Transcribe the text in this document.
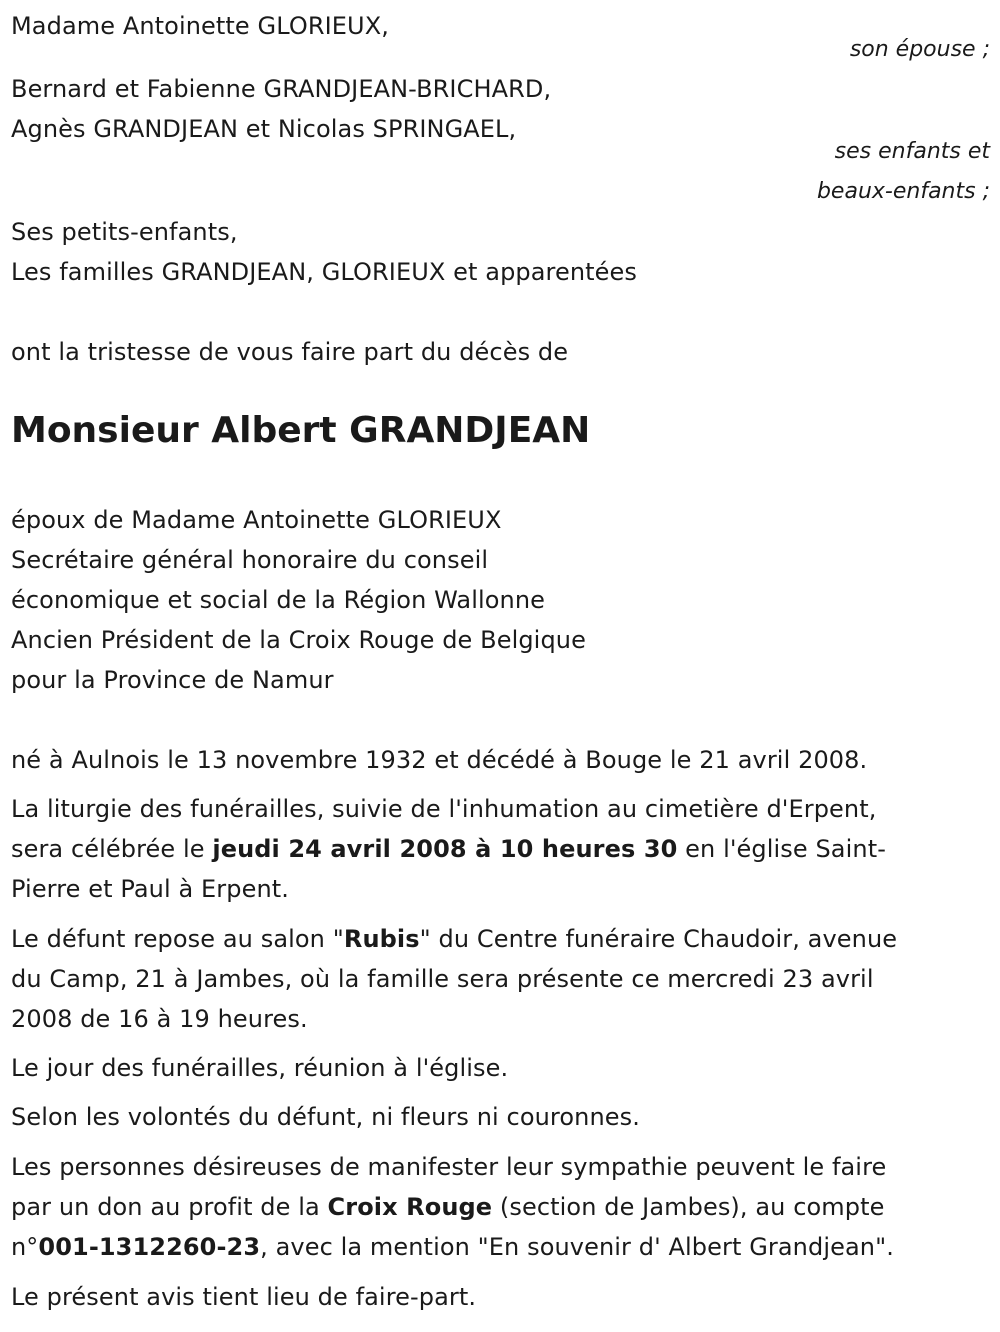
Madame Antoinette GLORIEUX,
son épouse ;
Bernard et Fabienne GRANDJEAN-BRICHARD,
Agnès GRANDJEAN et Nicolas SPRINGAEL,
ses enfants et
beaux-enfants ;
Ses petits-enfants,
Les familles GRANDJEAN, GLORIEUX et apparentées
ont la tristesse de vous faire part du décès de
Monsieur Albert GRANDJEAN
époux de Madame Antoinette GLORIEUX
Secrétaire général honoraire du conseil
économique et social de la Région Wallonne
Ancien Président de la Croix Rouge de Belgique
pour la Province de Namur
né à Aulnois le 13 novembre 1932 et décédé à Bouge le 21 avril 2008.
La liturgie des funérailles, suivie de l'inhumation au cimetière d'Erpent,
sera célébrée le jeudi 24 avril 2008 à 10 heures 30 en l'église Saint-
Pierre et Paul à Erpent.
Le défunt repose au salon "Rubis" du Centre funéraire Chaudoir, avenue
du Camp, 21 à Jambes, où la famille sera présente ce mercredi 23 avril
2008 de 16 à 19 heures.
Le jour des funérailles, réunion à l'église.
Selon les volontés du défunt, ni fleurs ni couronnes.
Les personnes désireuses de manifester leur sympathie peuvent le faire
par un don au profit de la Croix Rouge (section de Jambes), au compte
n°001-1312260-23, avec la mention "En souvenir d' Albert Grandjean".
Le présent avis tient lieu de faire-part.
